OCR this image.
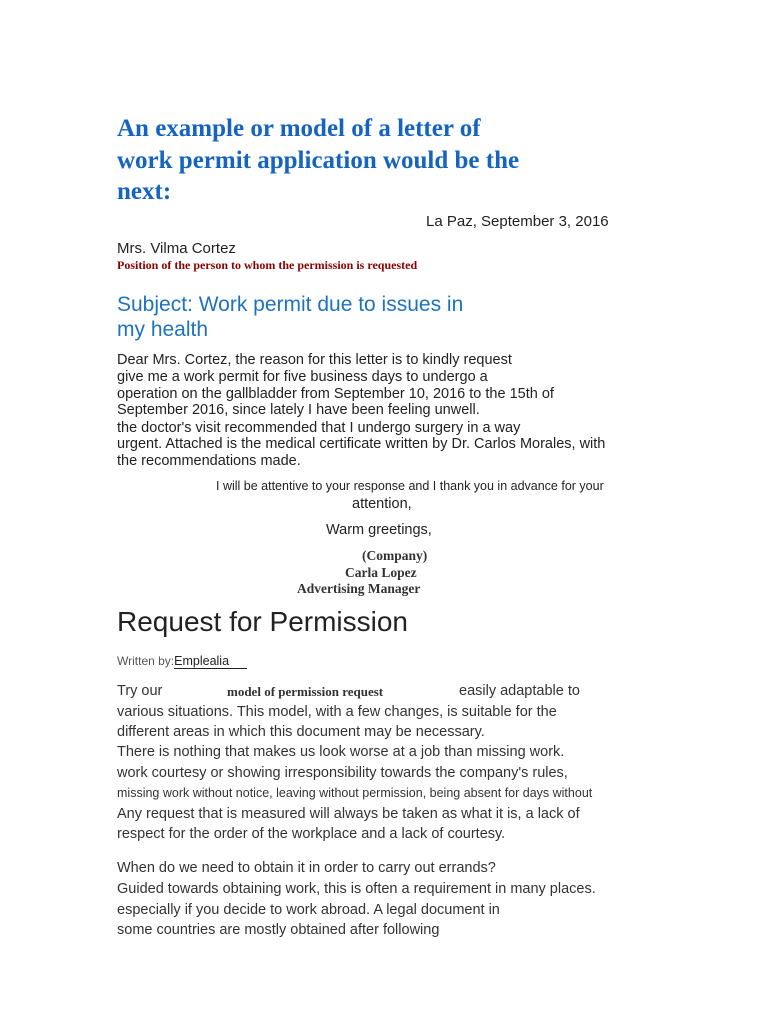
An example or model of a letter of
work permit application would be the
next:
La Paz, September 3, 2016
Mrs. Vilma Cortez
Position of the person to whom the permission is requested
Subject: Work permit due to issues in
my health
Dear Mrs. Cortez, the reason for this letter is to kindly request
give me a work permit for five business days to undergo a
operation on the gallbladder from September 10, 2016 to the 15th of
September 2016, since lately I have been feeling unwell.
the doctor's visit recommended that I undergo surgery in a way
urgent. Attached is the medical certificate written by Dr. Carlos Morales, with
the recommendations made.
I will be attentive to your response and I thank you in advance for your
attention,
Warm greetings,
(Company)
Carla Lopez
Advertising Manager
Request for Permission
Written by:Emplealia
Try our	model of permission request	easily adaptable to
various situations. This model, with a few changes, is suitable for the
different areas in which this document may be necessary.
There is nothing that makes us look worse at a job than missing work.
work courtesy or showing irresponsibility towards the company's rules,
missing work without notice, leaving without permission, being absent for days without
Any request that is measured will always be taken as what it is, a lack of
respect for the order of the workplace and a lack of courtesy.
When do we need to obtain it in order to carry out errands?
Guided towards obtaining work, this is often a requirement in many places.
especially if you decide to work abroad. A legal document in
some countries are mostly obtained after following
